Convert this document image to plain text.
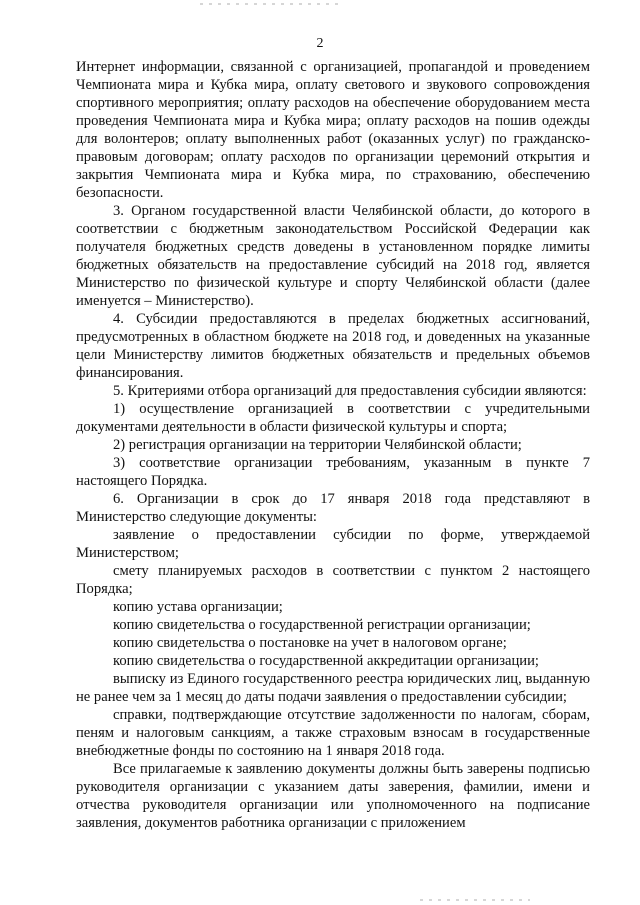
2

Интернет информации, связанной с организацией, пропагандой и проведением Чемпионата мира и Кубка мира, оплату светового и звукового сопровождения спортивного мероприятия; оплату расходов на обеспечение оборудованием места проведения Чемпионата мира и Кубка мира; оплату расходов на пошив одежды для волонтеров; оплату выполненных работ (оказанных услуг) по гражданско-правовым договорам; оплату расходов по организации церемоний открытия и закрытия Чемпионата мира и Кубка мира, по страхованию, обеспечению безопасности.

3. Органом государственной власти Челябинской области, до которого в соответствии с бюджетным законодательством Российской Федерации как получателя бюджетных средств доведены в установленном порядке лимиты бюджетных обязательств на предоставление субсидий на 2018 год, является Министерство по физической культуре и спорту Челябинской области (далее именуется – Министерство).

4. Субсидии предоставляются в пределах бюджетных ассигнований, предусмотренных в областном бюджете на 2018 год, и доведенных на указанные цели Министерству лимитов бюджетных обязательств и предельных объемов финансирования.

5. Критериями отбора организаций для предоставления субсидии являются:

1) осуществление организацией в соответствии с учредительными документами деятельности в области физической культуры и спорта;

2) регистрация организации на территории Челябинской области;

3) соответствие организации требованиям, указанным в пункте 7 настоящего Порядка.

6. Организации в срок до 17 января 2018 года представляют в Министерство следующие документы:

заявление о предоставлении субсидии по форме, утверждаемой Министерством;

смету планируемых расходов в соответствии с пунктом 2 настоящего Порядка;

копию устава организации;

копию свидетельства о государственной регистрации организации;

копию свидетельства о постановке на учет в налоговом органе;

копию свидетельства о государственной аккредитации организации;

выписку из Единого государственного реестра юридических лиц, выданную не ранее чем за 1 месяц до даты подачи заявления о предоставлении субсидии;

справки, подтверждающие отсутствие задолженности по налогам, сборам, пеням и налоговым санкциям, а также страховым взносам в государственные внебюджетные фонды по состоянию на 1 января 2018 года.

Все прилагаемые к заявлению документы должны быть заверены подписью руководителя организации с указанием даты заверения, фамилии, имени и отчества руководителя организации или уполномоченного на подписание заявления, документов работника организации с приложением
